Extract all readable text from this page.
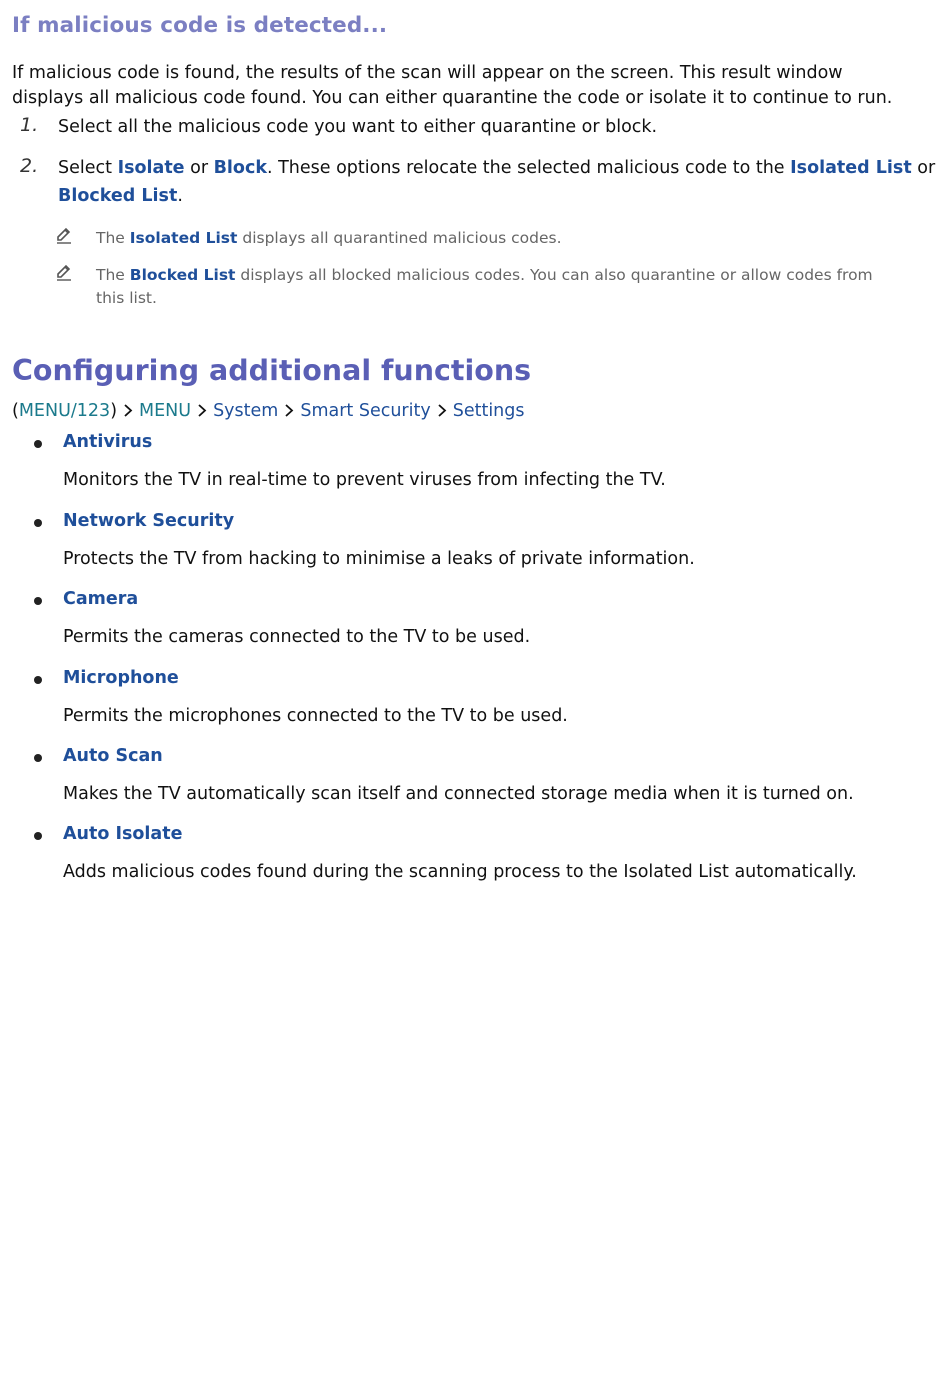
If malicious code is detected...
If malicious code is found, the results of the scan will appear on the screen. This result window
displays all malicious code found. You can either quarantine the code or isolate it to continue to run.
1. Select all the malicious code you want to either quarantine or block.
2. Select Isolate or Block. These options relocate the selected malicious code to the Isolated List or
Blocked List.
The Isolated List displays all quarantined malicious codes.
The Blocked List displays all blocked malicious codes. You can also quarantine or allow codes from
this list.
Configuring additional functions
(MENU/123) MENU System Smart Security Settings
Antivirus
Monitors the TV in real-time to prevent viruses from infecting the TV.
Network Security
Protects the TV from hacking to minimise a leaks of private information.
Camera
Permits the cameras connected to the TV to be used.
Microphone
Permits the microphones connected to the TV to be used.
Auto Scan
Makes the TV automatically scan itself and connected storage media when it is turned on.
Auto Isolate
Adds malicious codes found during the scanning process to the Isolated List automatically.
